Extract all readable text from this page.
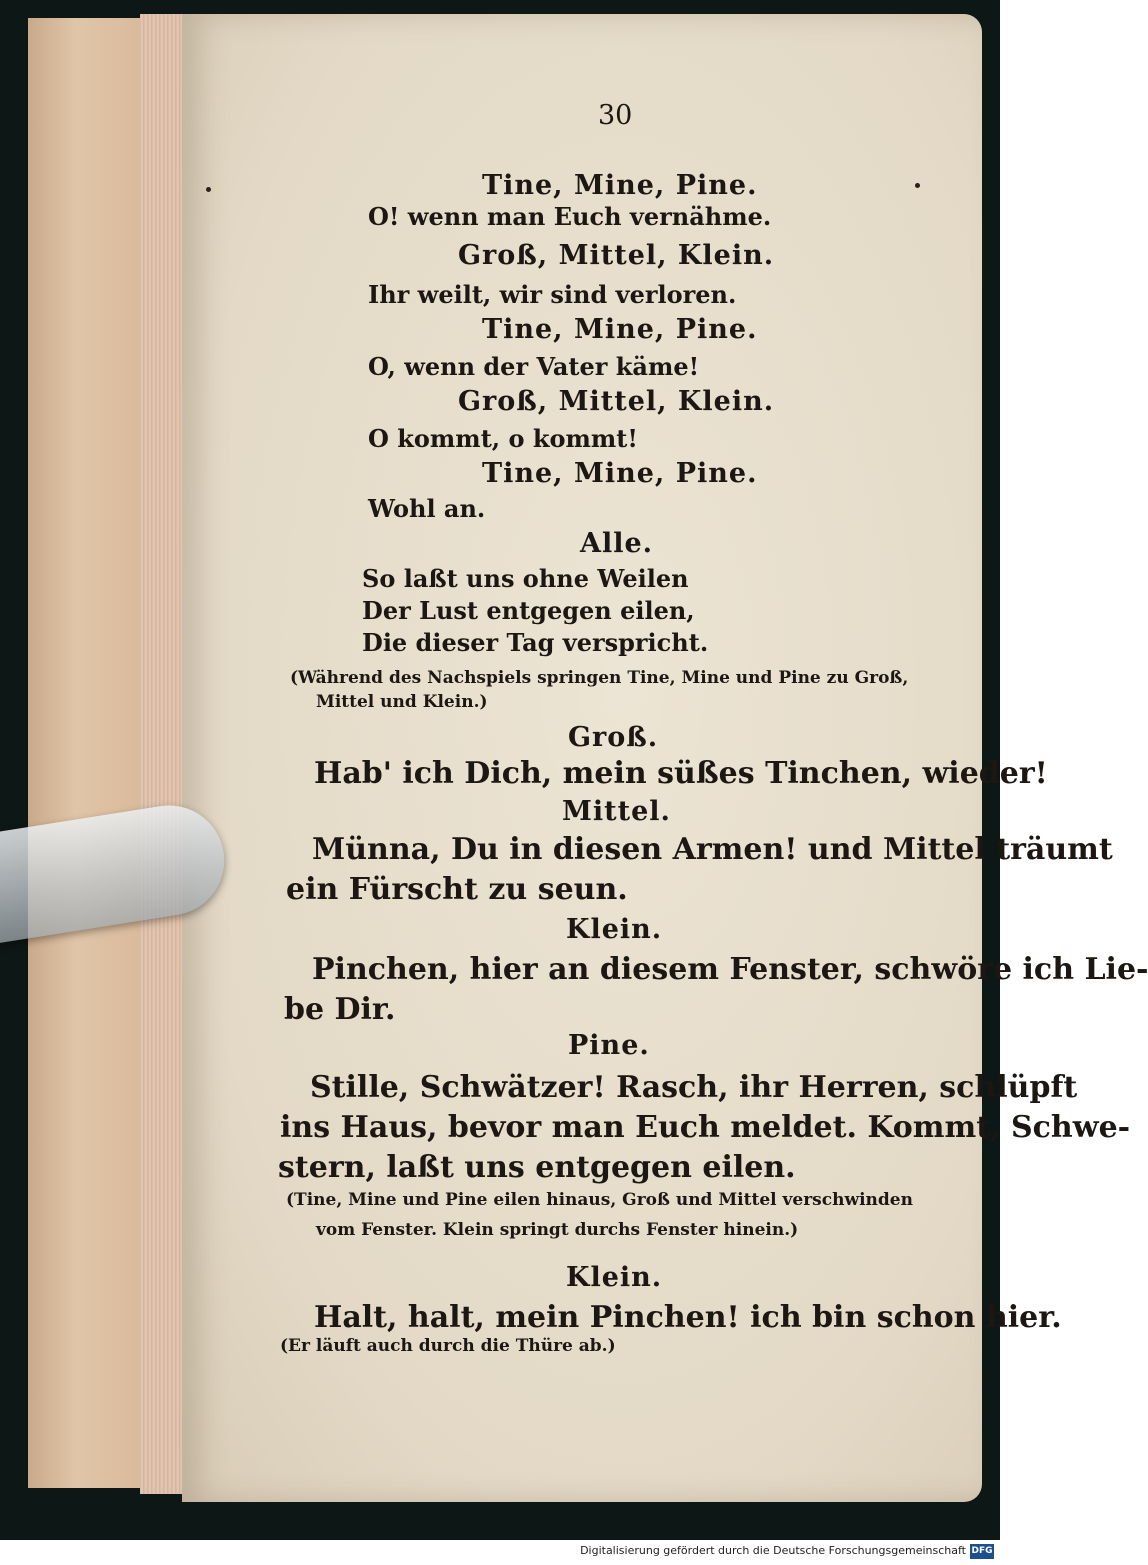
30
Tine, Mine, Pine.
O! wenn man Euch vernähme.
Groß, Mittel, Klein.
Ihr weilt, wir sind verloren.
Tine, Mine, Pine.
O, wenn der Vater käme!
Groß, Mittel, Klein.
O kommt, o kommt!
Tine, Mine, Pine.
Wohl an.
Alle.
So laßt uns ohne Weilen
Der Lust entgegen eilen,
Die dieser Tag verspricht.
(Während des Nachspiels springen Tine, Mine und Pine zu Groß,
Mittel und Klein.)
Groß.
Hab' ich Dich, mein süßes Tinchen, wieder!
Mittel.
Münna, Du in diesen Armen! und Mittel träumt
ein Fürscht zu seun.
Klein.
Pinchen, hier an diesem Fenster, schwöre ich Lie-
be Dir.
Pine.
Stille, Schwätzer! Rasch, ihr Herren, schlüpft
ins Haus, bevor man Euch meldet. Kommt, Schwe-
stern, laßt uns entgegen eilen.
(Tine, Mine und Pine eilen hinaus, Groß und Mittel verschwinden
vom Fenster. Klein springt durchs Fenster hinein.)
Klein.
Halt, halt, mein Pinchen! ich bin schon hier.
(Er läuft auch durch die Thüre ab.)
Digitalisierung gefördert durch die Deutsche Forschungsgemeinschaft DFG
